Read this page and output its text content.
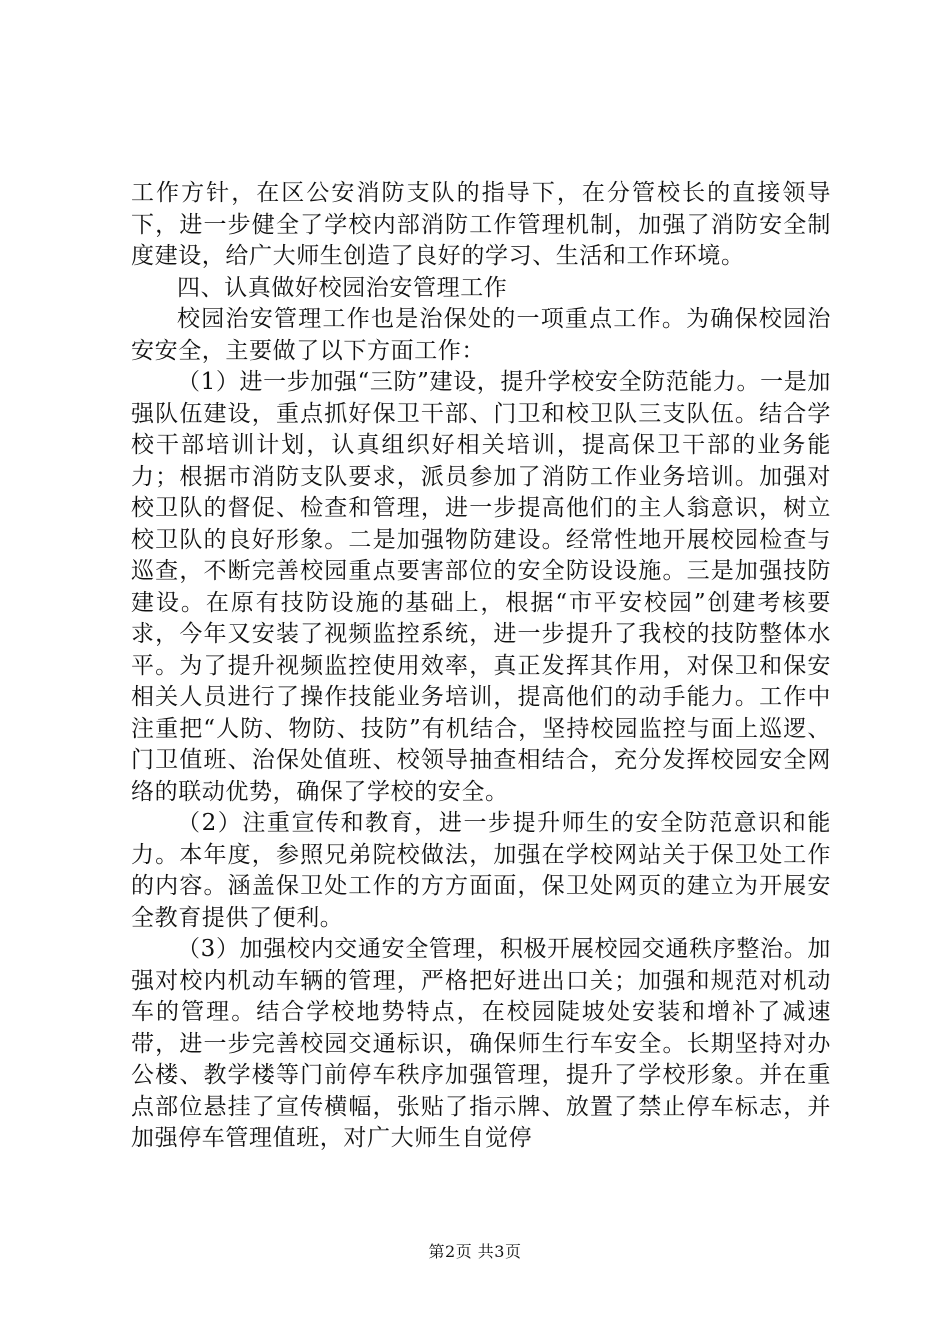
工作方针，在区公安消防支队的指导下，在分管校长的直接领导下，进一步健全了学校内部消防工作管理机制，加强了消防安全制度建设，给广大师生创造了良好的学习、生活和工作环境。

四、认真做好校园治安管理工作

校园治安管理工作也是治保处的一项重点工作。为确保校园治安安全，主要做了以下方面工作：

（1）进一步加强“三防”建设，提升学校安全防范能力。一是加强队伍建设，重点抓好保卫干部、门卫和校卫队三支队伍。结合学校干部培训计划，认真组织好相关培训，提高保卫干部的业务能力；根据市消防支队要求，派员参加了消防工作业务培训。加强对校卫队的督促、检查和管理，进一步提高他们的主人翁意识，树立校卫队的良好形象。二是加强物防建设。经常性地开展校园检查与巡查，不断完善校园重点要害部位的安全防设设施。三是加强技防建设。在原有技防设施的基础上，根据“市平安校园”创建考核要求，今年又安装了视频监控系统，进一步提升了我校的技防整体水平。为了提升视频监控使用效率，真正发挥其作用，对保卫和保安相关人员进行了操作技能业务培训，提高他们的动手能力。工作中注重把“人防、物防、技防”有机结合，坚持校园监控与面上巡逻、门卫值班、治保处值班、校领导抽查相结合，充分发挥校园安全网络的联动优势，确保了学校的安全。

（2）注重宣传和教育，进一步提升师生的安全防范意识和能力。本年度，参照兄弟院校做法，加强在学校网站关于保卫处工作的内容。涵盖保卫处工作的方方面面，保卫处网页的建立为开展安全教育提供了便利。

（3）加强校内交通安全管理，积极开展校园交通秩序整治。加强对校内机动车辆的管理，严格把好进出口关；加强和规范对机动车的管理。结合学校地势特点，在校园陡坡处安装和增补了减速带，进一步完善校园交通标识，确保师生行车安全。长期坚持对办公楼、教学楼等门前停车秩序加强管理，提升了学校形象。并在重点部位悬挂了宣传横幅，张贴了指示牌、放置了禁止停车标志，并加强停车管理值班，对广大师生自觉停

第2页 共3页
